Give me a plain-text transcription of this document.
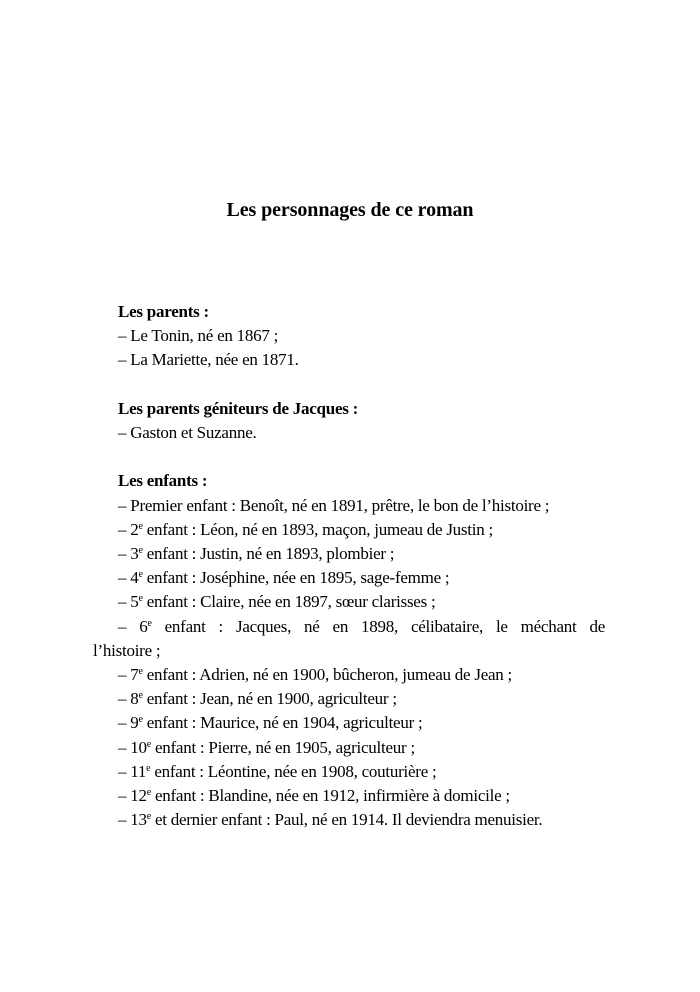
Les personnages de ce roman
Les parents :
– Le Tonin, né en 1867 ;
– La Mariette, née en 1871.
Les parents géniteurs de Jacques :
– Gaston et Suzanne.
Les enfants :
– Premier enfant : Benoît, né en 1891, prêtre, le bon de l’histoire ;
– 2e enfant : Léon, né en 1893, maçon, jumeau de Justin ;
– 3e enfant : Justin, né en 1893, plombier ;
– 4e enfant : Joséphine, née en 1895, sage-femme ;
– 5e enfant : Claire, née en 1897, sœur clarisses ;
– 6e enfant : Jacques, né en 1898, célibataire, le méchant de
l’histoire ;
– 7e enfant : Adrien, né en 1900, bûcheron, jumeau de Jean ;
– 8e enfant : Jean, né en 1900, agriculteur ;
– 9e enfant : Maurice, né en 1904, agriculteur ;
– 10e enfant : Pierre, né en 1905, agriculteur ;
– 11e enfant : Léontine, née en 1908, couturière ;
– 12e enfant : Blandine, née en 1912, infirmière à domicile ;
– 13e et dernier enfant : Paul, né en 1914. Il deviendra menuisier.
